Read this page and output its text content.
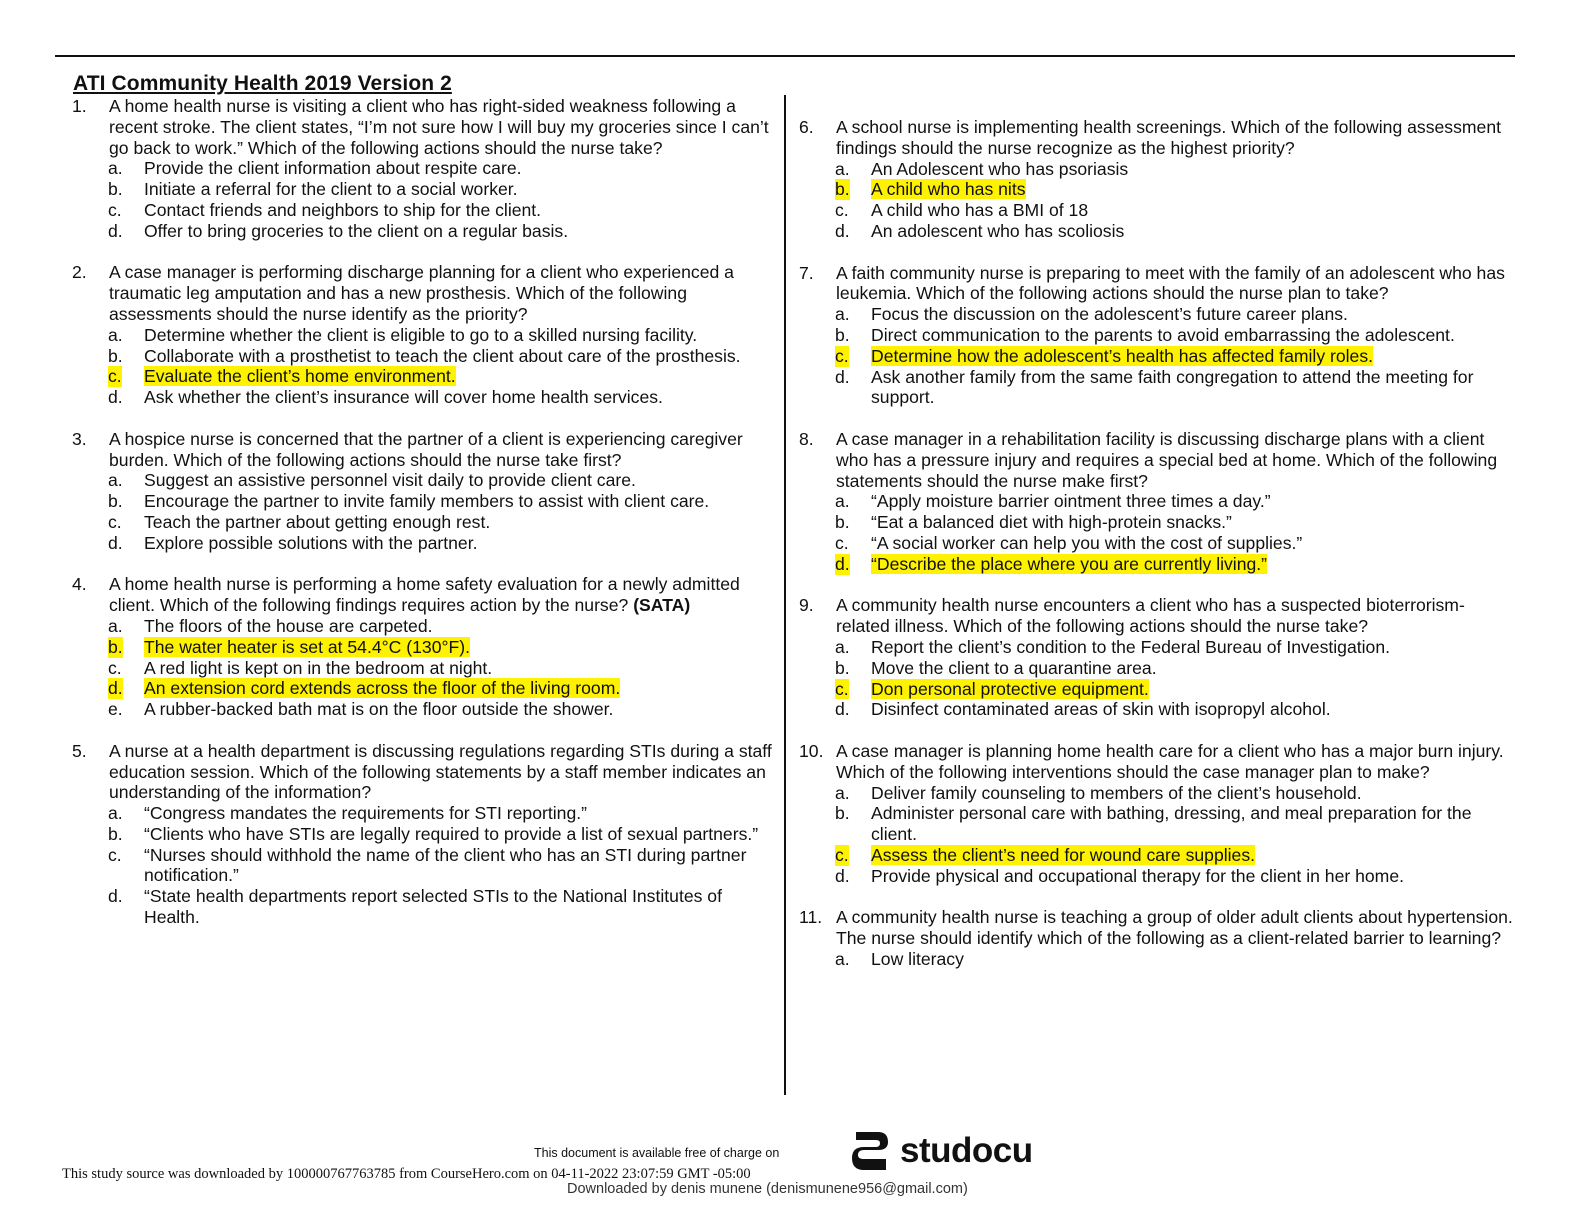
ATI Community Health 2019 Version 2
1. A home health nurse is visiting a client who has right-sided weakness following a recent stroke. The client states, “I’m not sure how I will buy my groceries since I can’t go back to work.” Which of the following actions should the nurse take?
a. Provide the client information about respite care.
b. Initiate a referral for the client to a social worker.
c. Contact friends and neighbors to ship for the client.
d. Offer to bring groceries to the client on a regular basis.
2. A case manager is performing discharge planning for a client who experienced a traumatic leg amputation and has a new prosthesis. Which of the following assessments should the nurse identify as the priority?
a. Determine whether the client is eligible to go to a skilled nursing facility.
b. Collaborate with a prosthetist to teach the client about care of the prosthesis.
c. Evaluate the client’s home environment.
d. Ask whether the client’s insurance will cover home health services.
3. A hospice nurse is concerned that the partner of a client is experiencing caregiver burden. Which of the following actions should the nurse take first?
a. Suggest an assistive personnel visit daily to provide client care.
b. Encourage the partner to invite family members to assist with client care.
c. Teach the partner about getting enough rest.
d. Explore possible solutions with the partner.
4. A home health nurse is performing a home safety evaluation for a newly admitted client. Which of the following findings requires action by the nurse? (SATA)
a. The floors of the house are carpeted.
b. The water heater is set at 54.4°C (130°F).
c. A red light is kept on in the bedroom at night.
d. An extension cord extends across the floor of the living room.
e. A rubber-backed bath mat is on the floor outside the shower.
5. A nurse at a health department is discussing regulations regarding STIs during a staff education session. Which of the following statements by a staff member indicates an understanding of the information?
a. “Congress mandates the requirements for STI reporting.”
b. “Clients who have STIs are legally required to provide a list of sexual partners.”
c. “Nurses should withhold the name of the client who has an STI during partner notification.”
d. “State health departments report selected STIs to the National Institutes of Health.
6. A school nurse is implementing health screenings. Which of the following assessment findings should the nurse recognize as the highest priority?
a. An Adolescent who has psoriasis
b. A child who has nits
c. A child who has a BMI of 18
d. An adolescent who has scoliosis
7. A faith community nurse is preparing to meet with the family of an adolescent who has leukemia. Which of the following actions should the nurse plan to take?
a. Focus the discussion on the adolescent’s future career plans.
b. Direct communication to the parents to avoid embarrassing the adolescent.
c. Determine how the adolescent’s health has affected family roles.
d. Ask another family from the same faith congregation to attend the meeting for support.
8. A case manager in a rehabilitation facility is discussing discharge plans with a client who has a pressure injury and requires a special bed at home. Which of the following statements should the nurse make first?
a. “Apply moisture barrier ointment three times a day.”
b. “Eat a balanced diet with high-protein snacks.”
c. “A social worker can help you with the cost of supplies.”
d. “Describe the place where you are currently living.”
9. A community health nurse encounters a client who has a suspected bioterrorism-related illness. Which of the following actions should the nurse take?
a. Report the client’s condition to the Federal Bureau of Investigation.
b. Move the client to a quarantine area.
c. Don personal protective equipment.
d. Disinfect contaminated areas of skin with isopropyl alcohol.
10. A case manager is planning home health care for a client who has a major burn injury. Which of the following interventions should the case manager plan to make?
a. Deliver family counseling to members of the client’s household.
b. Administer personal care with bathing, dressing, and meal preparation for the client.
c. Assess the client’s need for wound care supplies.
d. Provide physical and occupational therapy for the client in her home.
11. A community health nurse is teaching a group of older adult clients about hypertension. The nurse should identify which of the following as a client-related barrier to learning?
a. Low literacy
This document is available free of charge on	studocu
This study source was downloaded by 100000767763785 from CourseHero.com on 04-11-2022 23:07:59 GMT -05:00
Downloaded by denis munene (denismunene956@gmail.com)
